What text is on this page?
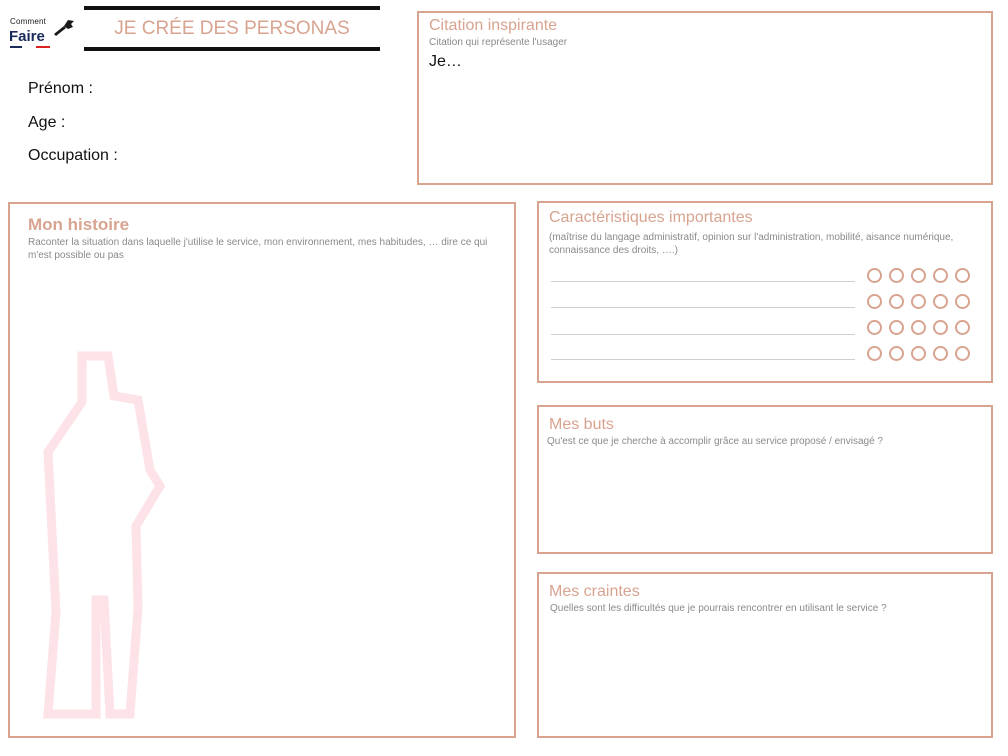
Comment
Faire	JE CRÉE DES PERSONAS
Prénom :
Age :
Occupation :
Citation inspirante
Citation qui représente l'usager
Je…
Mon histoire
Raconter la situation dans laquelle j'utilise le service, mon environnement, mes habitudes, … dire ce qui m'est possible ou pas
Caractéristiques importantes
(maîtrise du langage administratif, opinion sur l'administration, mobilité, aisance numérique, connaissance des droits, ….)
Mes buts
Qu'est ce que je cherche à accomplir grâce au service proposé / envisagé ?
Mes craintes
Quelles sont les difficultés que je pourrais rencontrer en utilisant le service ?
